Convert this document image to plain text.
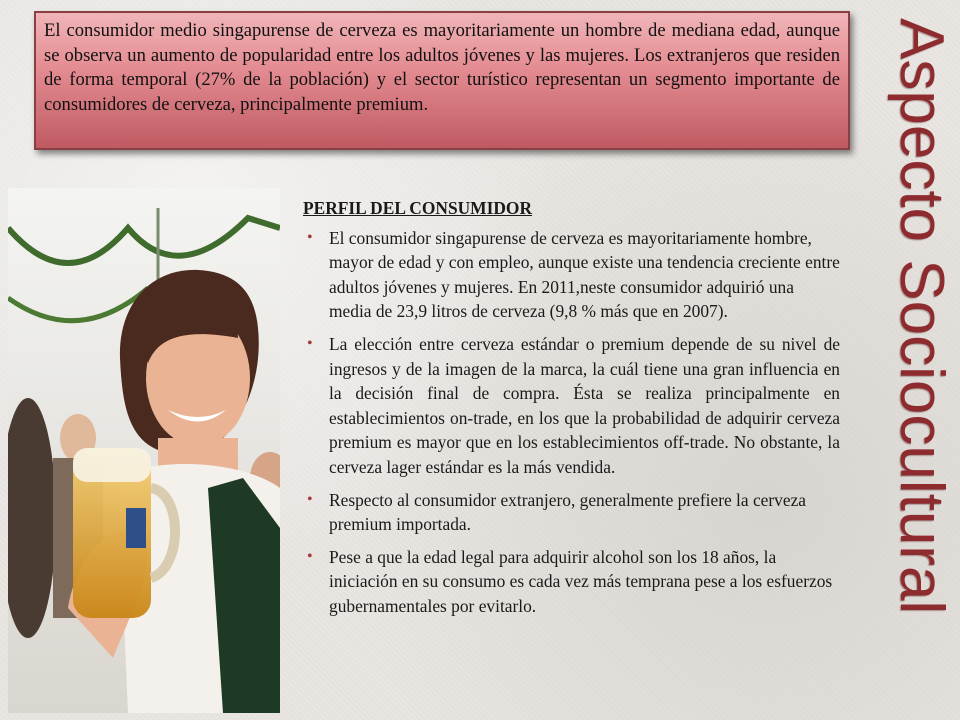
El consumidor medio singapurense de cerveza es mayoritariamente un hombre de mediana edad, aunque se observa un aumento de popularidad entre los adultos jóvenes y las mujeres. Los extranjeros que residen de forma temporal (27% de la población) y el sector turístico representan un segmento importante de consumidores de cerveza, principalmente premium.	Aspecto Sociocultural
PERFIL DEL CONSUMIDOR
• El consumidor singapurense de cerveza es mayoritariamente hombre, mayor de edad y con empleo, aunque existe una tendencia creciente entre adultos jóvenes y mujeres. En 2011,neste consumidor adquirió una media de 23,9 litros de cerveza (9,8 % más que en 2007).
• La elección entre cerveza estándar o premium depende de su nivel de ingresos y de la imagen de la marca, la cuál tiene una gran influencia en la decisión final de compra. Ésta se realiza principalmente en establecimientos on-trade, en los que la probabilidad de adquirir cerveza premium es mayor que en los establecimientos off-trade. No obstante, la cerveza lager estándar es la más vendida.
• Respecto al consumidor extranjero, generalmente prefiere la cerveza premium importada.
• Pese a que la edad legal para adquirir alcohol son los 18 años, la iniciación en su consumo es cada vez más temprana pese a los esfuerzos gubernamentales por evitarlo.
